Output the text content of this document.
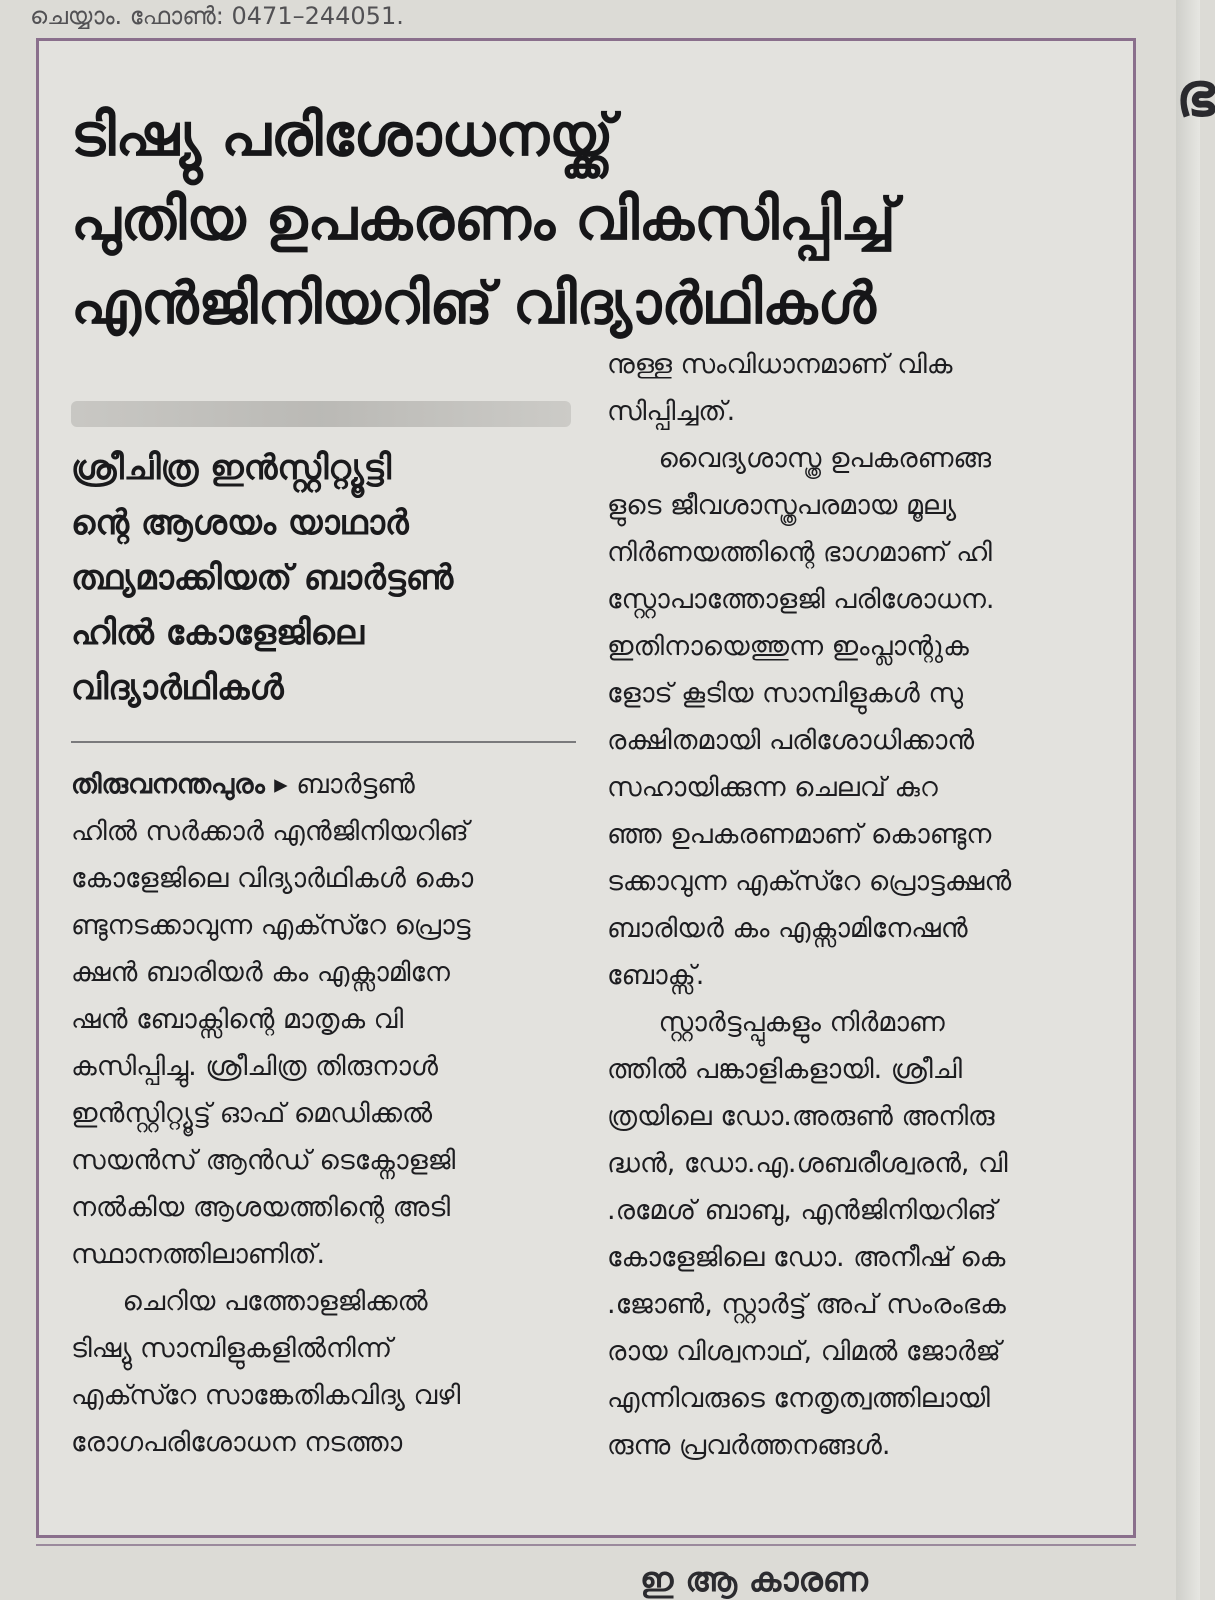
ചെയ്യാം. ഫോൺ: 0471–244051.
ഭ
ടിഷ്യു പരിശോധനയ്ക്ക്
പുതിയ ഉപകരണം വികസിപ്പിച്ച്
എൻജിനിയറിങ് വിദ്യാർഥികൾ
ശ്രീചിത്ര ഇൻസ്റ്റിറ്റ്യൂട്ടി
ന്റെ ആശയം യാഥാർ
ത്ഥ്യമാക്കിയത് ബാർട്ടൺ
ഹിൽ കോളേജിലെ
വിദ്യാർഥികൾ
തിരുവനന്തപുരം ▸ ബാർട്ടൺ
ഹിൽ സർക്കാർ എൻജിനിയറിങ്
കോളേജിലെ വിദ്യാർഥികൾ കൊ
ണ്ടുനടക്കാവുന്ന എക്സ്റേ പ്രൊട്ട
ക്ഷൻ ബാരിയർ കം എക്സാമിനേ
ഷൻ ബോക്സിന്റെ മാതൃക വി
കസിപ്പിച്ചു. ശ്രീചിത്ര തിരുനാൾ
ഇൻസ്റ്റിറ്റ്യൂട്ട് ഓഫ് മെഡിക്കൽ
സയൻസ് ആൻഡ് ടെക്നോളജി
നൽകിയ ആശയത്തിന്റെ അടി
സ്ഥാനത്തിലാണിത്.
ചെറിയ പത്തോളജിക്കൽ
ടിഷ്യു സാമ്പിളുകളിൽനിന്ന്
എക്സ്റേ സാങ്കേതികവിദ്യ വഴി
രോഗപരിശോധന നടത്താ
നുള്ള സംവിധാനമാണ് വിക
സിപ്പിച്ചത്.
വൈദ്യശാസ്ത്ര ഉപകരണങ്ങ
ളുടെ ജീവശാസ്ത്രപരമായ മൂല്യ
നിർണയത്തിന്റെ ഭാഗമാണ് ഹി
സ്റ്റോപാത്തോളജി പരിശോധന.
ഇതിനായെത്തുന്ന ഇംപ്ലാന്റുക
ളോട് കൂടിയ സാമ്പിളുകൾ സു
രക്ഷിതമായി പരിശോധിക്കാൻ
സഹായിക്കുന്ന ചെലവ് കുറ
ഞ്ഞ ഉപകരണമാണ് കൊണ്ടുന
ടക്കാവുന്ന എക്സ്റേ പ്രൊട്ടക്ഷൻ
ബാരിയർ കം എക്സാമിനേഷൻ
ബോക്സ്.
സ്റ്റാർട്ടപ്പുകളും നിർമാണ
ത്തിൽ പങ്കാളികളായി. ശ്രീചി
ത്രയിലെ ഡോ.അരുൺ അനിരു
ദ്ധൻ, ഡോ.എ.ശബരീശ്വരൻ, വി
.രമേശ് ബാബു, എൻജിനിയറിങ്
കോളേജിലെ ഡോ. അനീഷ് കെ
.ജോൺ, സ്റ്റാർട്ട് അപ് സംരംഭക
രായ വിശ്വനാഥ്, വിമൽ ജോർജ്
എന്നിവരുടെ നേതൃത്വത്തിലായി
രുന്നു പ്രവർത്തനങ്ങൾ.
ഇ ആ കാരണ
